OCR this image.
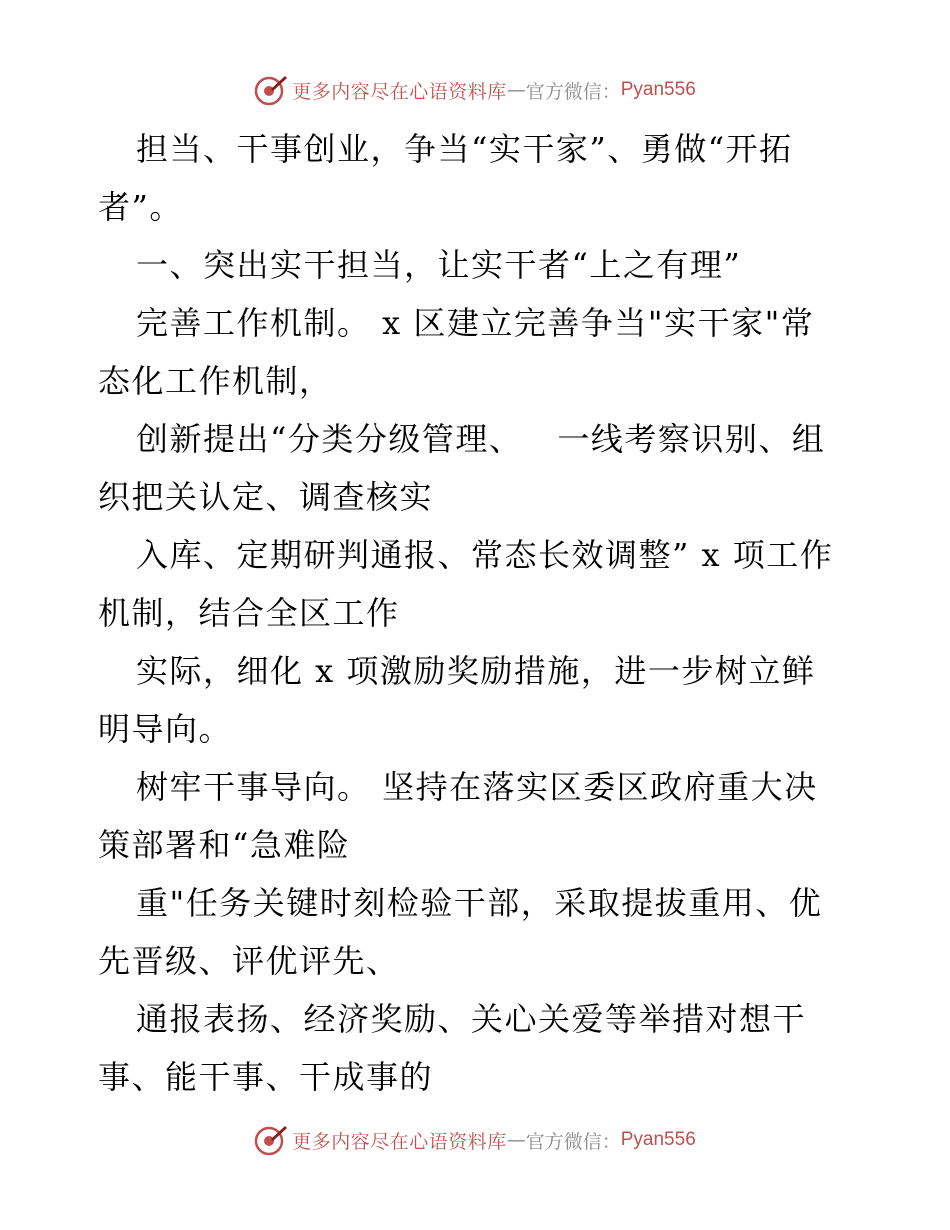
更多内容尽在心语资料库 — 官方微信： Pyan556
担当、干事创业，争当“实干家”、勇做“开拓
者”。
一、突出实干担当，让实干者“上之有理”
完善工作机制。 x 区建立完善争当"实干家"常
态化工作机制，
创新提出“分类分级管理、   一线考察识别、组
织把关认定、调查核实
入库、定期研判通报、常态长效调整” x 项工作
机制，结合全区工作
实际，细化 x 项激励奖励措施，进一步树立鲜
明导向。
树牢干事导向。 坚持在落实区委区政府重大决
策部署和“急难险
重"任务关键时刻检验干部，采取提拔重用、优
先晋级、评优评先、
通报表扬、经济奖励、关心关爱等举措对想干
事、能干事、干成事的
更多内容尽在心语资料库 — 官方微信： Pyan556
